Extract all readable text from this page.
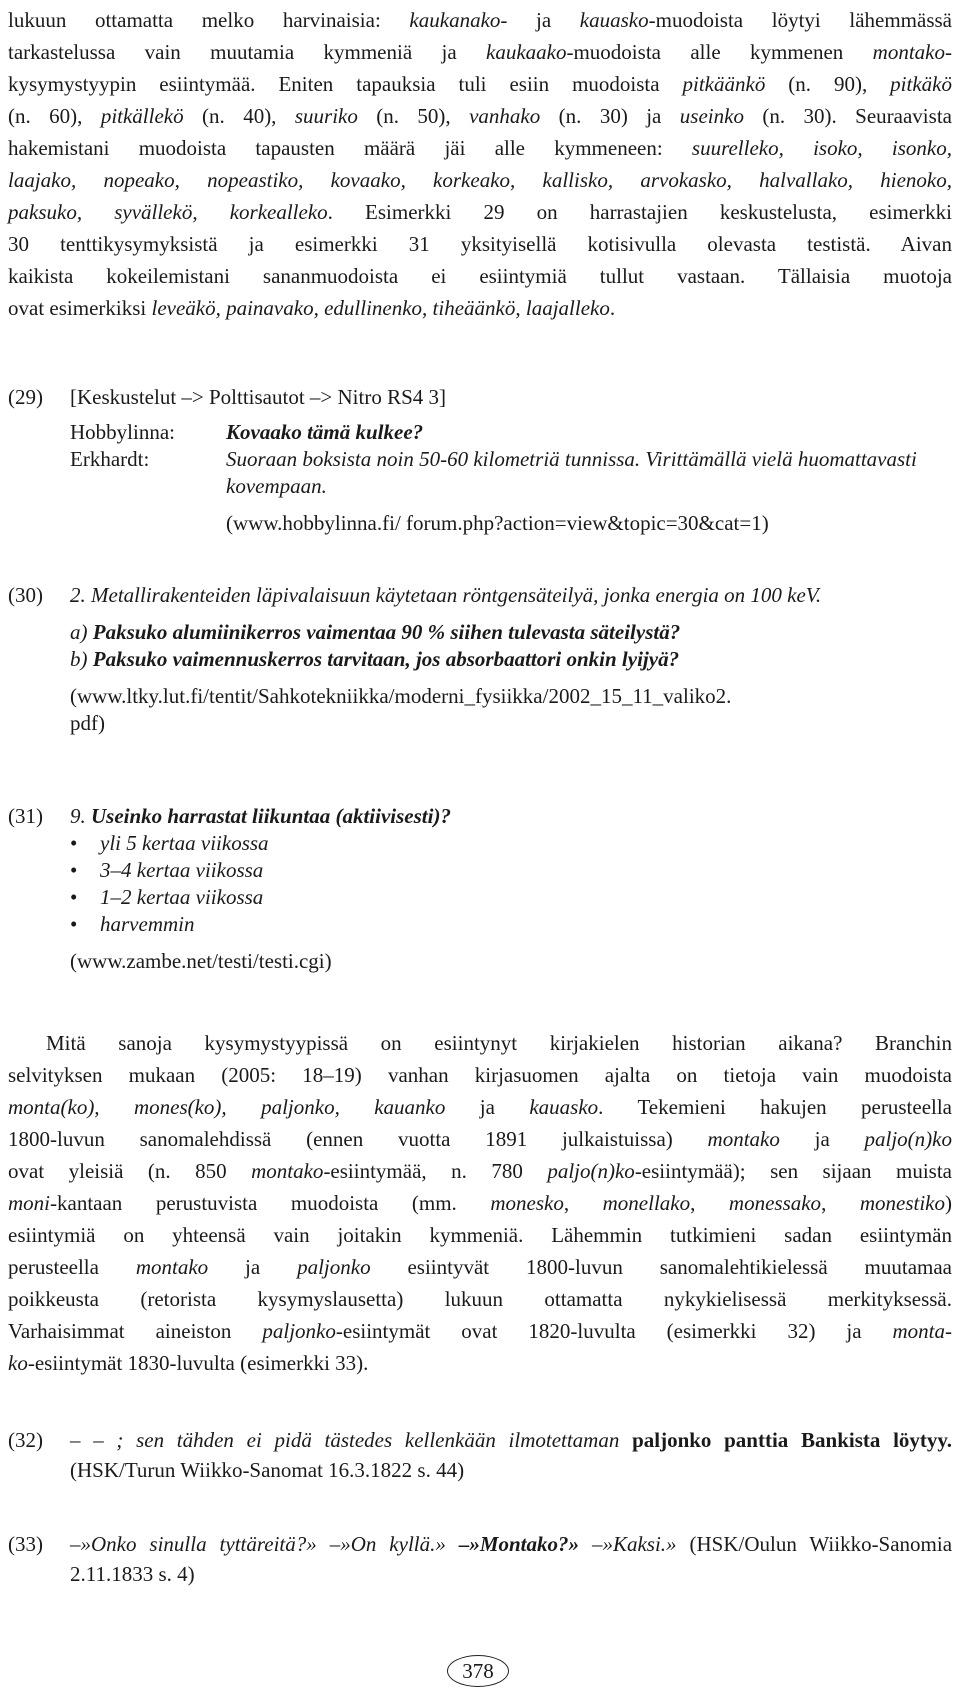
lukuun ottamatta melko harvinaisia: kaukanako- ja kauasko-muodoista löytyi lähemmässä
tarkastelussa vain muutamia kymmeniä ja kaukaako-muodoista alle kymmenen montako-
kysymystyypin esiintymää. Eniten tapauksia tuli esiin muodoista pitkäänkö (n. 90), pitkäkö
(n. 60), pitkällekö (n. 40), suuriko (n. 50), vanhako (n. 30) ja useinko (n. 30). Seuraavista
hakemistani muodoista tapausten määrä jäi alle kymmeneen: suurelleko, isoko, isonko,
laajako, nopeako, nopeastiko, kovaako, korkeako, kallisko, arvokasko, halvallako, hienoko,
paksuko, syvällekö, korkealleko. Esimerkki 29 on harrastajien keskustelusta, esimerkki
30 tenttikysymyksistä ja esimerkki 31 yksityisellä kotisivulla olevasta testistä. Aivan
kaikista kokeilemistani sananmuodoista ei esiintymiä tullut vastaan. Tällaisia muotoja
ovat esimerkiksi leveäkö, painavako, edullinenko, tiheäänkö, laajalleko.

(29)	[Keskustelut –> Polttisautot –> Nitro RS4 3]
Hobbylinna:	Kovaako tämä kulkee?
Erkhardt:	Suoraan boksista noin 50-60 kilometriä tunnissa. Virittämällä vielä huomattavasti kovempaan.
(www.hobbylinna.fi/ forum.php?action=view&topic=30&cat=1)
(30)	2. Metallirakenteiden läpivalaisuun käytetaan röntgensäteilyä, jonka energia on 100 keV.
a) Paksuko alumiinikerros vaimentaa 90 % siihen tulevasta säteilystä?
b) Paksuko vaimennuskerros tarvitaan, jos absorbaattori onkin lyijyä?
(www.ltky.lut.fi/tentit/Sahkotekniikka/moderni_fysiikka/2002_15_11_valiko2.
pdf)
(31)	9. Useinko harrastat liikuntaa (aktiivisesti)?
•	yli 5 kertaa viikossa
•	3–4 kertaa viikossa
•	1–2 kertaa viikossa
•	harvemmin
(www.zambe.net/testi/testi.cgi)

Mitä sanoja kysymystyypissä on esiintynyt kirjakielen historian aikana? Branchin
selvityksen mukaan (2005: 18–19) vanhan kirjasuomen ajalta on tietoja vain muodoista
monta(ko), mones(ko), paljonko, kauanko ja kauasko. Tekemieni hakujen perusteella
1800-luvun sanomalehdissä (ennen vuotta 1891 julkaistuissa) montako ja paljo(n)ko
ovat yleisiä (n. 850 montako-esiintymää, n. 780 paljo(n)ko-esiintymää); sen sijaan muista
moni-kantaan perustuvista muodoista (mm. monesko, monellako, monessako, monestiko)
esiintymiä on yhteensä vain joitakin kymmeniä. Lähemmin tutkimieni sadan esiintymän
perusteella montako ja paljonko esiintyvät 1800-luvun sanomalehtikielessä muutamaa
poikkeusta (retorista kysymyslausetta) lukuun ottamatta nykykielisessä merkityksessä.
Varhaisimmat aineiston paljonko-esiintymät ovat 1820-luvulta (esimerkki 32) ja monta-
ko-esiintymät 1830-luvulta (esimerkki 33).

(32)	– – ; sen tähden ei pidä tästedes kellenkään ilmotettaman paljonko panttia Bankista löytyy. (HSK/Turun Wiikko-Sanomat 16.3.1822 s. 44)
(33)	–»Onko sinulla tyttäreitä?» –»On kyllä.» –»Montako?» –»Kaksi.» (HSK/Oulun Wiikko-Sanomia 2.11.1833 s. 4)
378
